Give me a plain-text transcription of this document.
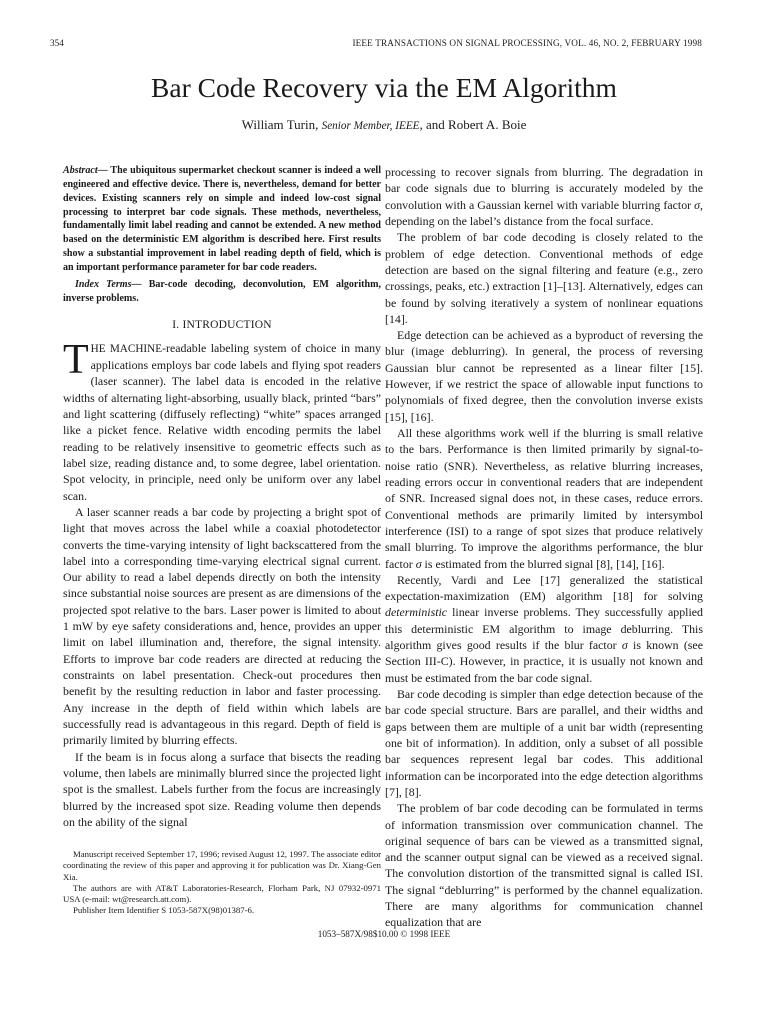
354	IEEE TRANSACTIONS ON SIGNAL PROCESSING, VOL. 46, NO. 2, FEBRUARY 1998
Bar Code Recovery via the EM Algorithm
William Turin, Senior Member, IEEE, and Robert A. Boie

Abstract— The ubiquitous supermarket checkout scanner is indeed a well engineered and effective device. There is, nevertheless, demand for better devices. Existing scanners rely on simple and indeed low-cost signal processing to interpret bar code signals. These methods, nevertheless, fundamentally limit label reading and cannot be extended. A new method based on the deterministic EM algorithm is described here. First results show a substantial improvement in label reading depth of field, which is an important performance parameter for bar code readers.

Index Terms— Bar-code decoding, deconvolution, EM algorithm, inverse problems.

I. INTRODUCTION

THE MACHINE-readable labeling system of choice in many applications employs bar code labels and flying spot readers (laser scanner). The label data is encoded in the relative widths of alternating light-absorbing, usually black, printed “bars” and light scattering (diffusely reflecting) “white” spaces arranged like a picket fence. Relative width encoding permits the label reading to be relatively insensitive to geometric effects such as label size, reading distance and, to some degree, label orientation. Spot velocity, in principle, need only be uniform over any label scan.

A laser scanner reads a bar code by projecting a bright spot of light that moves across the label while a coaxial photodetector converts the time-varying intensity of light backscattered from the label into a corresponding time-varying electrical signal current. Our ability to read a label depends directly on both the intensity since substantial noise sources are present as are dimensions of the projected spot relative to the bars. Laser power is limited to about 1 mW by eye safety considerations and, hence, provides an upper limit on label illumination and, therefore, the signal intensity. Efforts to improve bar code readers are directed at reducing the constraints on label presentation. Check-out procedures then benefit by the resulting reduction in labor and faster processing. Any increase in the depth of field within which labels are successfully read is advantageous in this regard. Depth of field is primarily limited by blurring effects.

If the beam is in focus along a surface that bisects the reading volume, then labels are minimally blurred since the projected light spot is the smallest. Labels further from the focus are increasingly blurred by the increased spot size. Reading volume then depends on the ability of the signal

Manuscript received September 17, 1996; revised August 12, 1997. The associate editor coordinating the review of this paper and approving it for publication was Dr. Xiang-Gen Xia.

The authors are with AT&T Laboratories-Research, Florham Park, NJ 07932-0971 USA (e-mail: wt@research.att.com).

Publisher Item Identifier S 1053-587X(98)01387-6.

processing to recover signals from blurring. The degradation in bar code signals due to blurring is accurately modeled by the convolution with a Gaussian kernel with variable blurring factor σ, depending on the label’s distance from the focal surface.

The problem of bar code decoding is closely related to the problem of edge detection. Conventional methods of edge detection are based on the signal filtering and feature (e.g., zero crossings, peaks, etc.) extraction [1]–[13]. Alternatively, edges can be found by solving iteratively a system of nonlinear equations [14].

Edge detection can be achieved as a byproduct of reversing the blur (image deblurring). In general, the process of reversing Gaussian blur cannot be represented as a linear filter [15]. However, if we restrict the space of allowable input functions to polynomials of fixed degree, then the convolution inverse exists [15], [16].

All these algorithms work well if the blurring is small relative to the bars. Performance is then limited primarily by signal-to-noise ratio (SNR). Nevertheless, as relative blurring increases, reading errors occur in conventional readers that are independent of SNR. Increased signal does not, in these cases, reduce errors. Conventional methods are primarily limited by intersymbol interference (ISI) to a range of spot sizes that produce relatively small blurring. To improve the algorithms performance, the blur factor σ is estimated from the blurred signal [8], [14], [16].

Recently, Vardi and Lee [17] generalized the statistical expectation-maximization (EM) algorithm [18] for solving deterministic linear inverse problems. They successfully applied this deterministic EM algorithm to image deblurring. This algorithm gives good results if the blur factor σ is known (see Section III-C). However, in practice, it is usually not known and must be estimated from the bar code signal.

Bar code decoding is simpler than edge detection because of the bar code special structure. Bars are parallel, and their widths and gaps between them are multiple of a unit bar width (representing one bit of information). In addition, only a subset of all possible bar sequences represent legal bar codes. This additional information can be incorporated into the edge detection algorithms [7], [8].

The problem of bar code decoding can be formulated in terms of information transmission over communication channel. The original sequence of bars can be viewed as a transmitted signal, and the scanner output signal can be viewed as a received signal. The convolution distortion of the transmitted signal is called ISI. The signal “deblurring” is performed by the channel equalization. There are many algorithms for communication channel equalization that are

1053–587X/98$10.00 © 1998 IEEE
